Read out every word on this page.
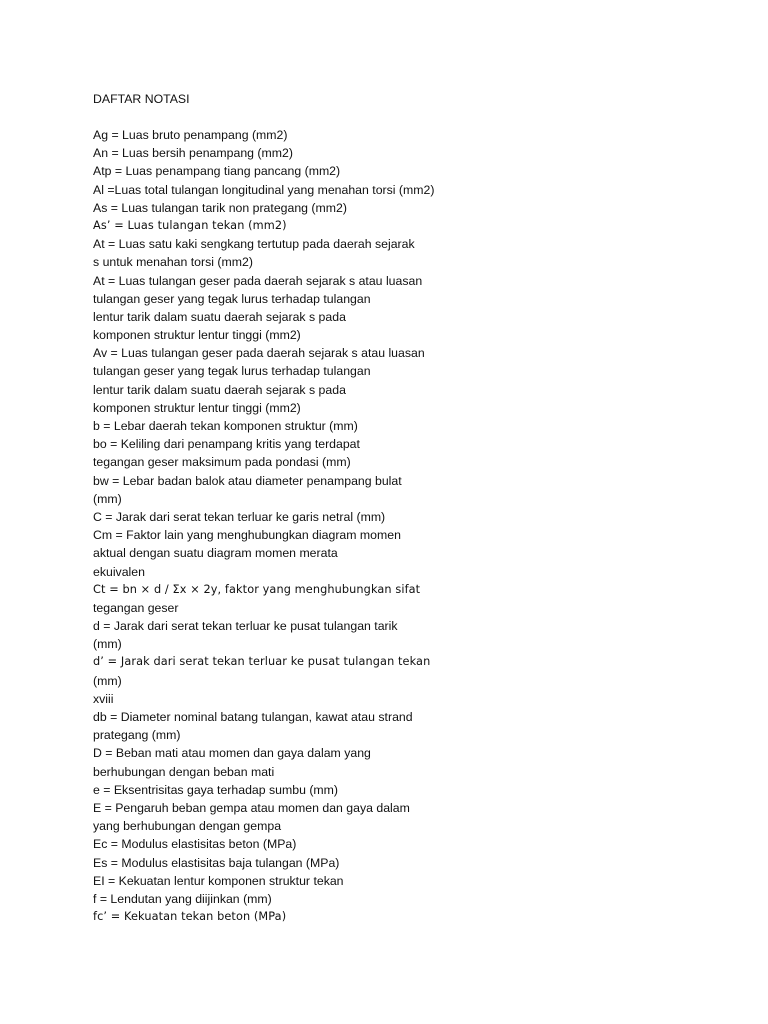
DAFTAR NOTASI
Ag = Luas bruto penampang (mm2)
An = Luas bersih penampang (mm2)
Atp = Luas penampang tiang pancang (mm2)
Al =Luas total tulangan longitudinal yang menahan torsi (mm2)
As = Luas tulangan tarik non prategang (mm2)
As’ = Luas tulangan tekan (mm2)
At = Luas satu kaki sengkang tertutup pada daerah sejarak
s untuk menahan torsi (mm2)
At = Luas tulangan geser pada daerah sejarak s atau luasan
tulangan geser yang tegak lurus terhadap tulangan
lentur tarik dalam suatu daerah sejarak s pada
komponen struktur lentur tinggi (mm2)
Av = Luas tulangan geser pada daerah sejarak s atau luasan
tulangan geser yang tegak lurus terhadap tulangan
lentur tarik dalam suatu daerah sejarak s pada
komponen struktur lentur tinggi (mm2)
b = Lebar daerah tekan komponen struktur (mm)
bo = Keliling dari penampang kritis yang terdapat
tegangan geser maksimum pada pondasi (mm)
bw = Lebar badan balok atau diameter penampang bulat
(mm)
C = Jarak dari serat tekan terluar ke garis netral (mm)
Cm = Faktor lain yang menghubungkan diagram momen
aktual dengan suatu diagram momen merata
ekuivalen
Ct = bn × d / Σx × 2y, faktor yang menghubungkan sifat
tegangan geser
d = Jarak dari serat tekan terluar ke pusat tulangan tarik
(mm)
d’ = Jarak dari serat tekan terluar ke pusat tulangan tekan
(mm)
xviii
db = Diameter nominal batang tulangan, kawat atau strand
prategang (mm)
D = Beban mati atau momen dan gaya dalam yang
berhubungan dengan beban mati
e = Eksentrisitas gaya terhadap sumbu (mm)
E = Pengaruh beban gempa atau momen dan gaya dalam
yang berhubungan dengan gempa
Ec = Modulus elastisitas beton (MPa)
Es = Modulus elastisitas baja tulangan (MPa)
EI = Kekuatan lentur komponen struktur tekan
f = Lendutan yang diijinkan (mm)
fc’ = Kekuatan tekan beton (MPa)
